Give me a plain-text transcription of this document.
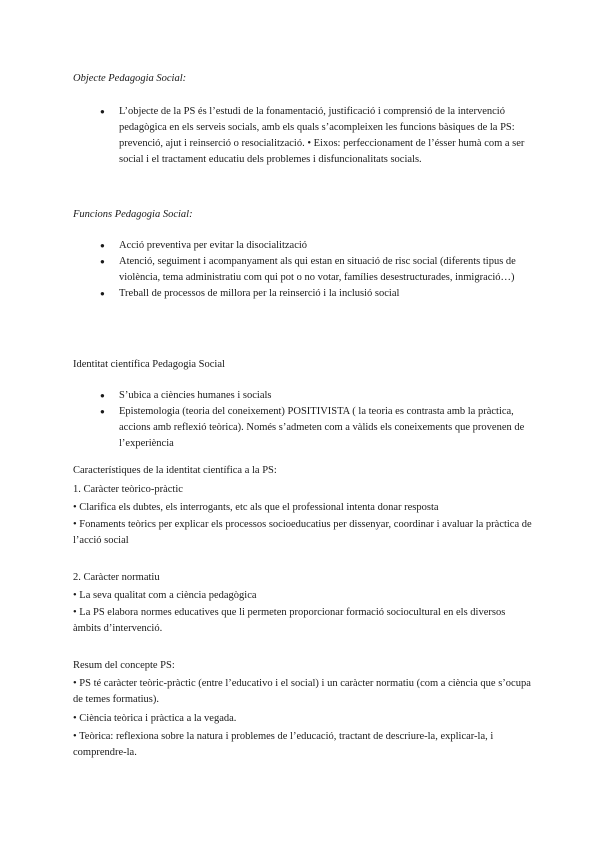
Objecte Pedagogia Social:

● L’objecte de la PS és l’estudi de la fonamentació, justificació i comprensió de la intervenció pedagògica en els serveis socials, amb els quals s’acompleixen les funcions bàsiques de la PS: prevenció, ajut i reinserció o resocialització. • Eixos: perfeccionament de l’ésser humà com a ser social i el tractament educatiu dels problemes i disfuncionalitats socials.

Funcions Pedagogia Social:

● Acció preventiva per evitar la disocialització
● Atenció, seguiment i acompanyament als qui estan en situació de risc social (diferents tipus de violència, tema administratiu com qui pot o no votar, famílies desestructurades, inmigració…)
● Treball de processos de millora per la reinserció i la inclusió social

Identitat científica Pedagogia Social

● S’ubica a ciències humanes i socials
● Epistemologia (teoria del coneixement) POSITIVISTA ( la teoria es contrasta amb la pràctica, accions amb reflexió teòrica). Només s’admeten com a vàlids els coneixements que provenen de l’experiència

Característiques de la identitat científica a la PS:

1. Caràcter teòrico-pràctic

• Clarifica els dubtes, els interrogants, etc als que el professional intenta donar resposta

• Fonaments teòrics per explicar els processos socioeducatius per dissenyar, coordinar i avaluar la pràctica de l’acció social

2. Caràcter normatiu

• La seva qualitat com a ciència pedagògica

• La PS elabora normes educatives que li permeten proporcionar formació sociocultural en els diversos àmbits d’intervenció.

Resum del concepte PS:

• PS té caràcter teòric-pràctic (entre l’educativo i el social) i un caràcter normatiu (com a ciència que s’ocupa de temes formatius).

• Ciència teòrica i pràctica a la vegada.

• Teòrica: reflexiona sobre la natura i problemes de l’educació, tractant de descriure-la, explicar-la, i comprendre-la.
